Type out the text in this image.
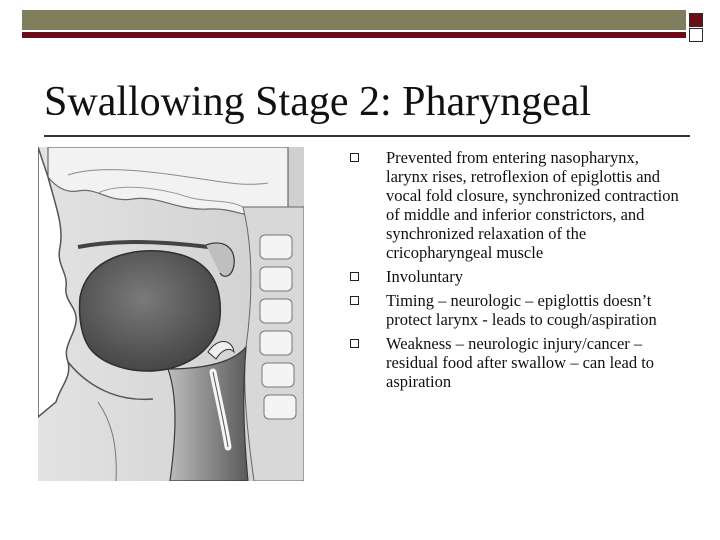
Swallowing Stage 2: Pharyngeal
Prevented from entering nasopharynx, larynx rises, retroflexion of epiglottis and vocal fold closure, synchronized contraction of middle and inferior constrictors, and synchronized relaxation of the cricopharyngeal muscle
Involuntary
Timing – neurologic – epiglottis doesn’t protect larynx - leads to cough/aspiration
Weakness – neurologic injury/cancer – residual food after swallow – can lead to aspiration
